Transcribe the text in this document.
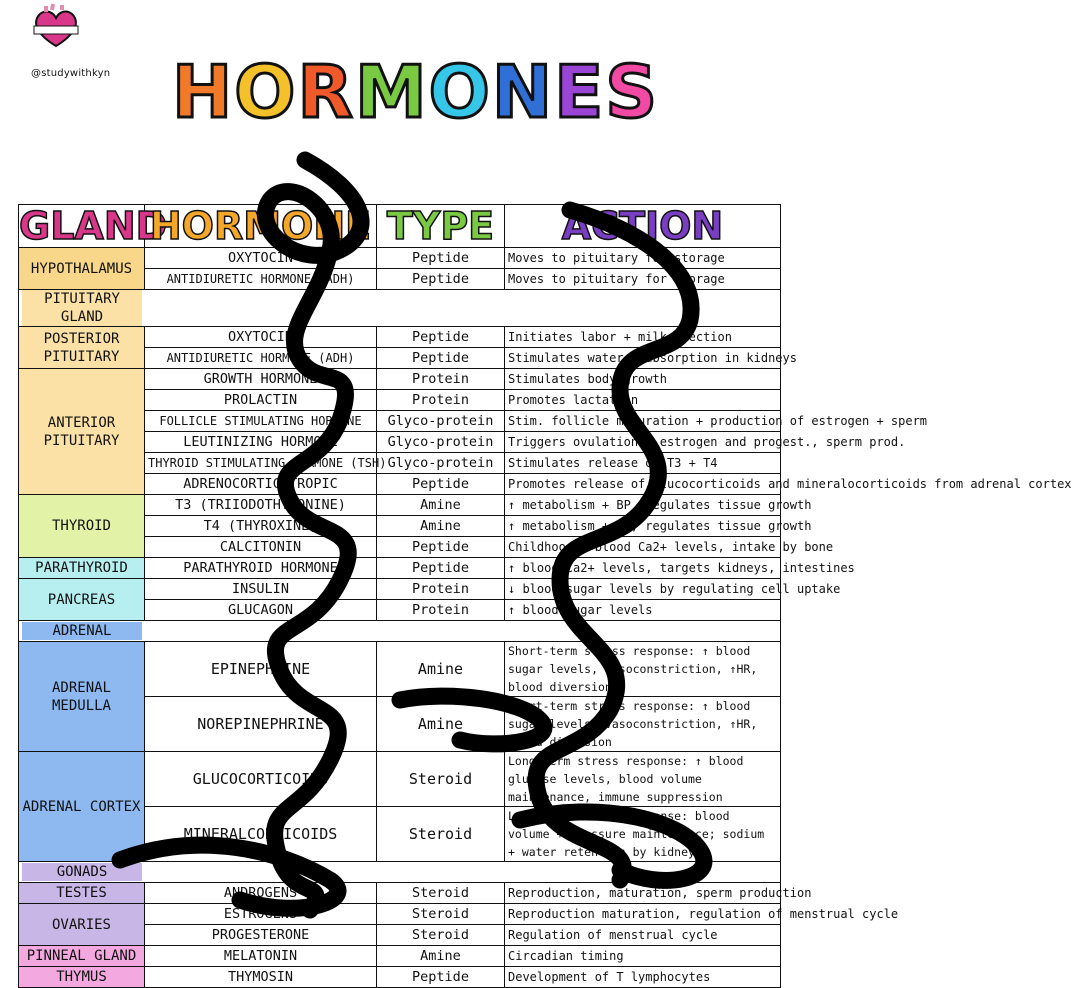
@studywithkyn H O R M O N E S
GLAND	HORMONE	TYPE	ACTION
HYPOTHALAMUS	OXYTOCIN	Peptide	Moves to pituitary for storage
	ANTIDIURETIC HORMONE (ADH)	Peptide	Moves to pituitary for storage
PITUITARY GLAND			
POSTERIOR PITUITARY	OXYTOCIN	Peptide	Initiates labor + milk ejection
	ANTIDIURETIC HORMONE (ADH)	Peptide	Stimulates water reabsorption in kidneys
ANTERIOR PITUITARY	GROWTH HORMONE	Protein	Stimulates body growth
	PROLACTIN	Protein	Promotes lactation
	FOLLICLE STIMULATING HORMONE	Glyco-protein	Stim. follicle maturation + production of estrogen + sperm
	LEUTINIZING HORMONE	Glyco-protein	Triggers ovulation + estrogen and progest., sperm prod.
	THYROID STIMULATING HORMONE (TSH)	Glyco-protein	Stimulates release of T3 + T4
	ADRENOCORTICOTROPIC	Peptide	Promotes release of glucocorticoids and mineralocorticoids from adrenal cortex
THYROID	T3 (TRIIODOTHYRONINE)	Amine	↑ metabolism + BP, regulates tissue growth
	T4 (THYROXINE)	Amine	↑ metabolism + BP, regulates tissue growth
	CALCITONIN	Peptide	Childhood ↓ blood Ca2+ levels, intake by bone
PARATHYROID	PARATHYROID HORMONE	Peptide	↑ blood Ca2+ levels, targets kidneys, intestines
PANCREAS	INSULIN	Protein	↓ blood sugar levels by regulating cell uptake
	GLUCAGON	Protein	↑ blood sugar levels
ADRENAL			
ADRENAL MEDULLA	EPINEPHRINE	Amine	Short-term stress response: ↑ blood sugar levels, vasoconstriction, ↑HR, blood diversion
	NOREPINEPHRINE	Amine	Short-term stress response: ↑ blood sugar levels, vasoconstriction, ↑HR, blood diversion
ADRENAL CORTEX	GLUCOCORTICOIDS	Steroid	Long-term stress response: ↑ blood glucose levels, blood volume maintenance, immune suppression
	MINERALCORTICOIDS	Steroid	Long-term stress response: blood volume + pressure maintenance; sodium + water retention by kidneys
GONADS			
TESTES	ANDROGENS	Steroid	Reproduction, maturation, sperm production
OVARIES	ESTROGENS	Steroid	Reproduction maturation, regulation of menstrual cycle
	PROGESTERONE	Steroid	Regulation of menstrual cycle
PINNEAL GLAND	MELATONIN	Amine	Circadian timing
THYMUS	THYMOSIN	Peptide	Development of T lymphocytes
